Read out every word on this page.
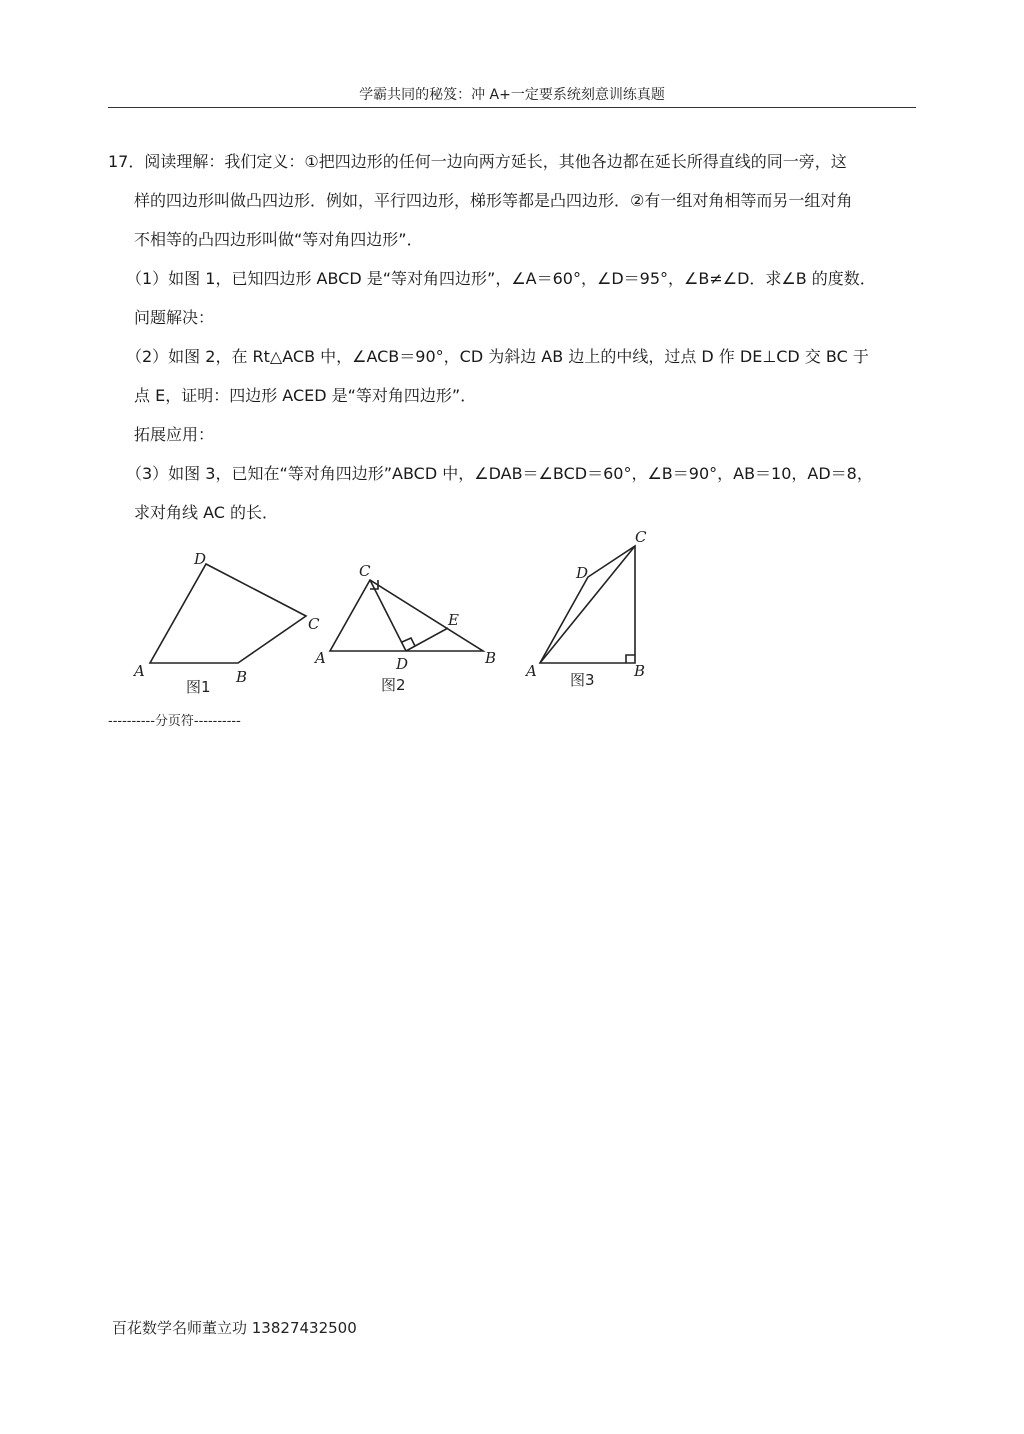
学霸共同的秘笈：冲 A+一定要系统刻意训练真题
17．阅读理解：我们定义：①把四边形的任何一边向两方延长，其他各边都在延长所得直线的同一旁，这
样的四边形叫做凸四边形．例如，平行四边形，梯形等都是凸四边形．②有一组对角相等而另一组对角
不相等的凸四边形叫做“等对角四边形”．
（1）如图 1，已知四边形 ABCD 是“等对角四边形”，∠A＝60°，∠D＝95°，∠B≠∠D．求∠B 的度数．
问题解决：
（2）如图 2，在 Rt△ACB 中，∠ACB＝90°，CD 为斜边 AB 边上的中线，过点 D 作 DE⊥CD 交 BC 于
点 E，证明：四边形 ACED 是“等对角四边形”．
拓展应用：
（3）如图 3，已知在“等对角四边形”ABCD 中，∠DAB＝∠BCD＝60°，∠B＝90°，AB＝10，AD＝8，
求对角线 AC 的长．
A	B
C
D
图1
A	B
C
D
E
图2
A	B
C
D
图3
----------分页符----------
百花数学名师董立功 13827432500
